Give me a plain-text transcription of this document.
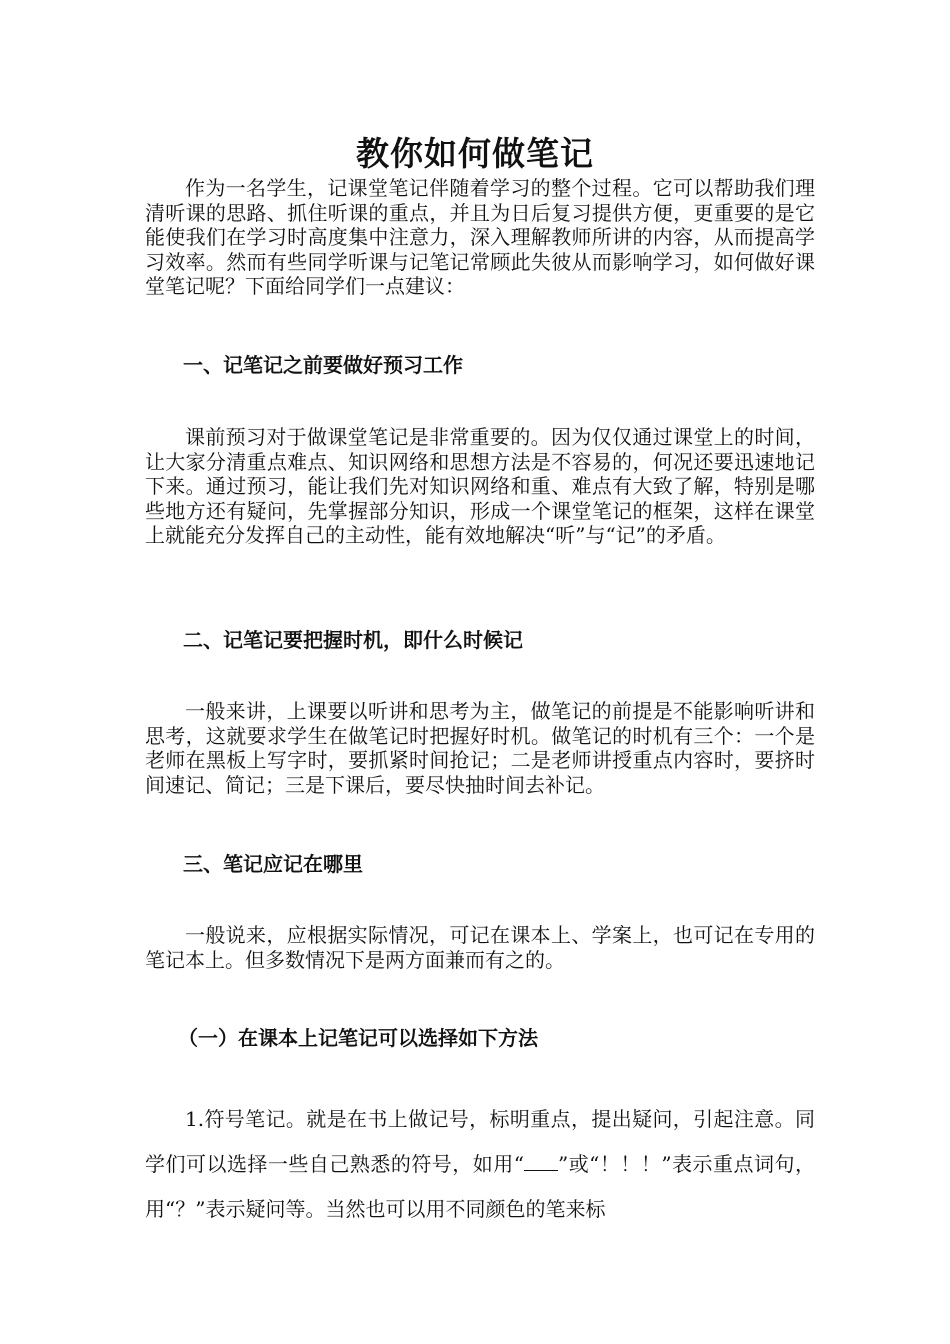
教你如何做笔记
作为一名学生，记课堂笔记伴随着学习的整个过程。它可以帮助我们理清听课的思路、抓住听课的重点，并且为日后复习提供方便，更重要的是它能使我们在学习时高度集中注意力，深入理解教师所讲的内容，从而提高学习效率。然而有些同学听课与记笔记常顾此失彼从而影响学习，如何做好课堂笔记呢？下面给同学们一点建议：
一、记笔记之前要做好预习工作
课前预习对于做课堂笔记是非常重要的。因为仅仅通过课堂上的时间，让大家分清重点难点、知识网络和思想方法是不容易的，何况还要迅速地记下来。通过预习，能让我们先对知识网络和重、难点有大致了解，特别是哪些地方还有疑问，先掌握部分知识，形成一个课堂笔记的框架，这样在课堂上就能充分发挥自己的主动性，能有效地解决“听”与“记”的矛盾。
二、记笔记要把握时机，即什么时候记
一般来讲，上课要以听讲和思考为主，做笔记的前提是不能影响听讲和思考，这就要求学生在做笔记时把握好时机。做笔记的时机有三个：一个是老师在黑板上写字时，要抓紧时间抢记；二是老师讲授重点内容时，要挤时间速记、简记；三是下课后，要尽快抽时间去补记。
三、笔记应记在哪里
一般说来，应根据实际情况，可记在课本上、学案上，也可记在专用的笔记本上。但多数情况下是两方面兼而有之的。
（一）在课本上记笔记可以选择如下方法
1.符号笔记。就是在书上做记号，标明重点，提出疑问，引起注意。同学们可以选择一些自己熟悉的符号，如用“ ”或“！！！”表示重点词句，用“？”表示疑问等。当然也可以用不同颜色的笔来标
